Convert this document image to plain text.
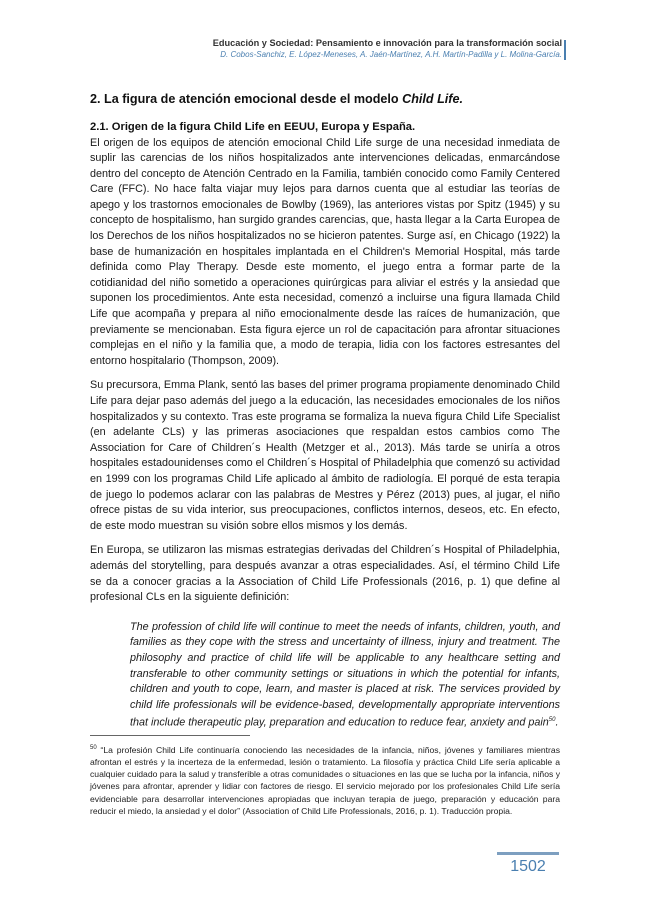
Educación y Sociedad: Pensamiento e innovación para la transformación social
D. Cobos-Sanchiz, E. López-Meneses, A. Jaén-Martínez, A.H. Martín-Padilla y L. Molina-García.
2. La figura de atención emocional desde el modelo Child Life.
2.1. Origen de la figura Child Life en EEUU, Europa y España.

El origen de los equipos de atención emocional Child Life surge de una necesidad inmediata de suplir las carencias de los niños hospitalizados ante intervenciones delicadas, enmarcándose dentro del concepto de Atención Centrado en la Familia, también conocido como Family Centered Care (FFC). No hace falta viajar muy lejos para darnos cuenta que al estudiar las teorías de apego y los trastornos emocionales de Bowlby (1969), las anteriores vistas por Spitz (1945) y su concepto de hospitalismo, han surgido grandes carencias, que, hasta llegar a la Carta Europea de los Derechos de los niños hospitalizados no se hicieron patentes. Surge así, en Chicago (1922) la base de humanización en hospitales implantada en el Children's Memorial Hospital, más tarde definida como Play Therapy. Desde este momento, el juego entra a formar parte de la cotidianidad del niño sometido a operaciones quirúrgicas para aliviar el estrés y la ansiedad que suponen los procedimientos. Ante esta necesidad, comenzó a incluirse una figura llamada Child Life que acompaña y prepara al niño emocionalmente desde las raíces de humanización, que previamente se mencionaban. Esta figura ejerce un rol de capacitación para afrontar situaciones complejas en el niño y la familia que, a modo de terapia, lidia con los factores estresantes del entorno hospitalario (Thompson, 2009).

Su precursora, Emma Plank, sentó las bases del primer programa propiamente denominado Child Life para dejar paso además del juego a la educación, las necesidades emocionales de los niños hospitalizados y su contexto. Tras este programa se formaliza la nueva figura Child Life Specialist (en adelante CLs) y las primeras asociaciones que respaldan estos cambios como The Association for Care of Children´s Health (Metzger et al., 2013). Más tarde se uniría a otros hospitales estadounidenses como el Children´s Hospital of Philadelphia que comenzó su actividad en 1999 con los programas Child Life aplicado al ámbito de radiología. El porqué de esta terapia de juego lo podemos aclarar con las palabras de Mestres y Pérez (2013) pues, al jugar, el niño ofrece pistas de su vida interior, sus preocupaciones, conflictos internos, deseos, etc. En efecto, de este modo muestran su visión sobre ellos mismos y los demás.

En Europa, se utilizaron las mismas estrategias derivadas del Children´s Hospital of Philadelphia, además del storytelling, para después avanzar a otras especialidades. Así, el término Child Life se da a conocer gracias a la Association of Child Life Professionals (2016, p. 1) que define al profesional CLs en la siguiente definición:

The profession of child life will continue to meet the needs of infants, children, youth, and families as they cope with the stress and uncertainty of illness, injury and treatment. The philosophy and practice of child life will be applicable to any healthcare setting and transferable to other community settings or situations in which the potential for infants, children and youth to cope, learn, and master is placed at risk. The services provided by child life professionals will be evidence-based, developmentally appropriate interventions that include therapeutic play, preparation and education to reduce fear, anxiety and pain$^{50}$.
$^{50}$ “La profesión Child Life continuaría conociendo las necesidades de la infancia, niños, jóvenes y familiares mientras afrontan el estrés y la incerteza de la enfermedad, lesión o tratamiento. La filosofía y práctica Child Life sería aplicable a cualquier cuidado para la salud y transferible a otras comunidades o situaciones en las que se lucha por la infancia, niños y jóvenes para afrontar, aprender y lidiar con factores de riesgo. El servicio mejorado por los profesionales Child Life sería evidenciable para desarrollar intervenciones apropiadas que incluyan terapia de juego, preparación y educación para reducir el miedo, la ansiedad y el dolor” (Association of Child Life Professionals, 2016, p. 1). Traducción propia.
1502
